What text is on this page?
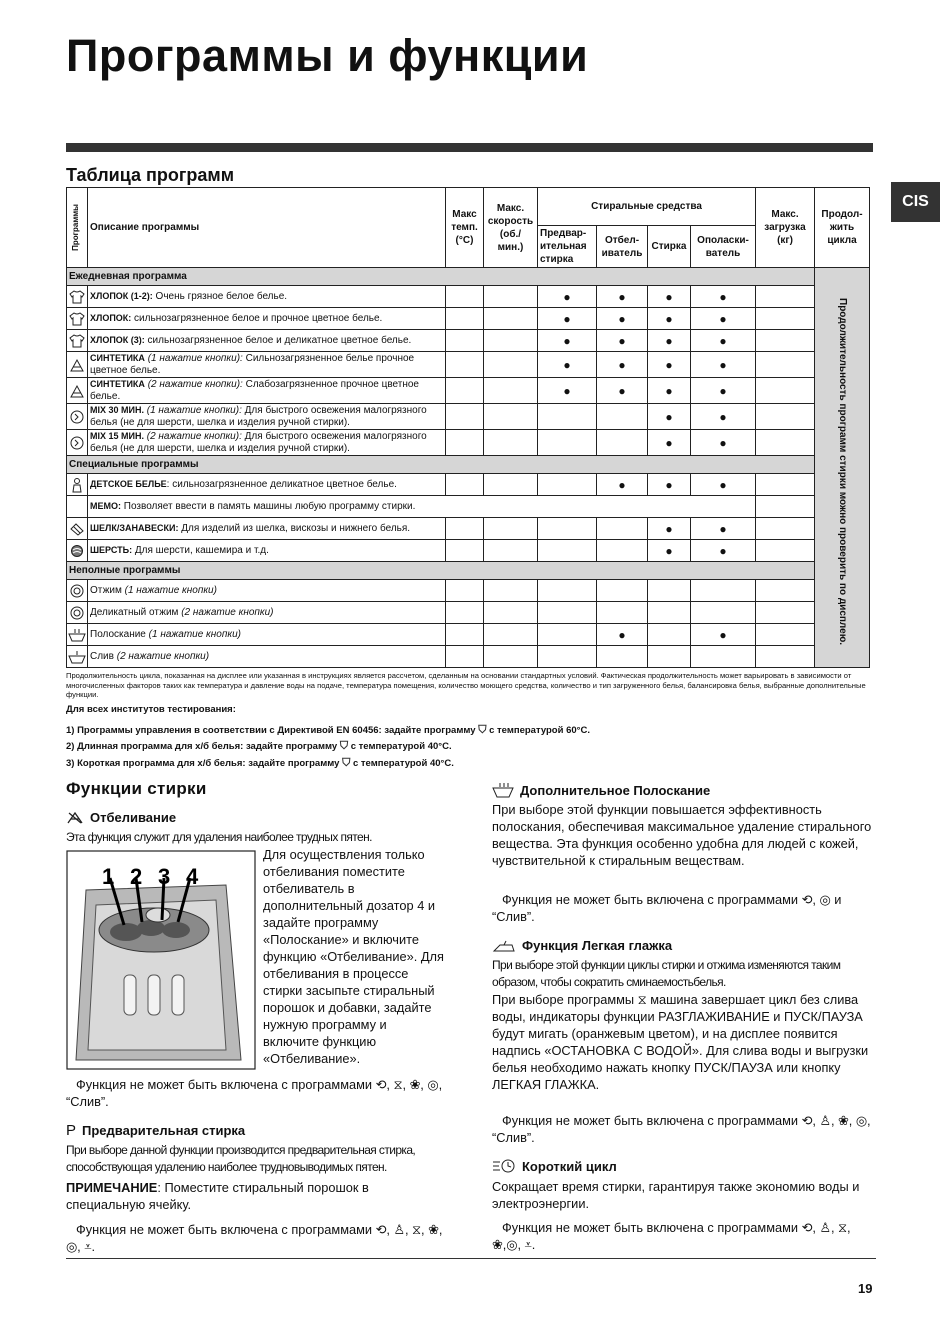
Программы и функции
CIS
Таблица программ
Программы	Описание программы	Макс темп. (°С)	Макс. скорость (об./ мин.)	Стиральные средства				Макс. загрузка (кг)	Продол-жить цикла
				Предвар-ительная стирка	Отбел-иватель	Стирка	Ополаски-ватель		
Ежедневная программа									Продолжительность программ стирки можно проверить по дисплею.

	ХЛОПОК (1-2): Очень грязное белое белье.			●	●	●	●		

	ХЛОПОК: сильнозагрязненное белое и прочное цветное белье.			●	●	●	●		

	ХЛОПОК (3): сильнозагрязненное белое и деликатное цветное белье.			●	●	●	●		

	СИНТЕТИКА (1 нажатие кнопки): Сильнозагрязненное белье прочное цветное белье.			●	●	●	●		

	СИНТЕТИКА (2 нажатие кнопки): Слабозагрязненное прочное цветное белье.			●	●	●	●		

	MIX 30 МИН. (1 нажатие кнопки): Для быстрого освежения малогрязного белья (не для шерсти, шелка и изделия ручной стирки).					●	●		

	MIX 15 МИН. (2 нажатие кнопки): Для быстрого освежения малогрязного белья (не для шерсти, шелка и изделия ручной стирки).					●	●		
Специальные программы									

	ДЕТСКОЕ БЕЛЬЕ: сильнозагрязненное деликатное цветное белье.				●	●	●		
	МЕМО: Позволяет ввести в память машины любую программу стирки.								

	ШЕЛК/ЗАНАВЕСКИ: Для изделий из шелка, вискозы и нижнего белья.					●	●		

	ШЕРСТЬ: Для шерсти, кашемира и т.д.					●	●		
Неполные программы									

	Отжим (1 нажатие кнопки)								

	Деликатный отжим (2 нажатие кнопки)								

	Полоскание (1 нажатие кнопки)				●		●		

	Слив (2 нажатие кнопки)								
Продолжительность цикла, показанная на дисплее или указанная в инструкциях является рассчетом, сделанным на основании стандартных условий. Фактическая продолжительность может варьировать в зависимости от многочисленных факторов таких как температура и давление воды на подаче, температура помещения, количество моющего средства, количество и тип загруженного белья, балансировка белья, выбранные дополнительные функции.
Для всех институтов тестирования:
1) Программы управления в соответствии с Директивой EN 60456: задайте программу ⛉ с температурой 60°C.
2) Длинная программа для х/б белья: задайте программу ⛉ с температурой 40°C.
3) Короткая программа для х/б белья: задайте программу ⛉ с температурой 40°C.
Функции стирки
Отбеливание
Эта функция служит для удаления наиболее трудных пятен.
1 2 3 4
Для осуществления только отбеливания поместите отбеливатель в дополнительный дозатор 4 и задайте программу «Полоскание» и включите функцию «Отбеливание». Для отбеливания в процессе стирки засыпьте стиральный порошок и добавки, задайте нужную программу и включите функцию «Отбеливание».
Функция не может быть включена с программами ⟲, ⧖, ❀, ◎, “Слив”.
P Предварительная стирка
При выборе данной функции производится предварительная стирка, способствующая удалению наиболее трудновыводимых пятен.
ПРИМЕЧАНИЕ: Поместите стиральный порошок в специальную ячейку.
Функция не может быть включена с программами ⟲, ♙, ⧖, ❀, ◎, ⩡.
Дополнительное Полоскание
При выборе этой функции повышается эффективность полоскания, обеспечивая максимальное удаление стирального вещества. Эта функция особенно удобна для людей с кожей, чувствительной к стиральным веществам.
Функция не может быть включена с программами ⟲, ◎ и “Слив”.
Функция Легкая глажка
При выборе этой функции циклы стирки и отжима изменяются таким образом, чтобы сократить сминаемостьбелья.
При выборе программы ⧖ машина завершает цикл без слива воды, индикаторы функции РАЗГЛАЖИВАНИЕ и ПУСК/ПАУЗА будут мигать (оранжевым цветом), и на дисплее появится надпись «ОСТАНОВКА С ВОДОЙ». Для слива воды и выгрузки белья необходимо нажать кнопку ПУСК/ПАУЗА или кнопку ЛЕГКАЯ ГЛАЖКА.
Функция не может быть включена с программами ⟲, ♙, ❀, ◎, “Слив”.
Короткий цикл
Сокращает время стирки, гарантируя также экономию воды и электроэнергии.
Функция не может быть включена с программами ⟲, ♙, ⧖, ❀,◎, ⩡.
19
